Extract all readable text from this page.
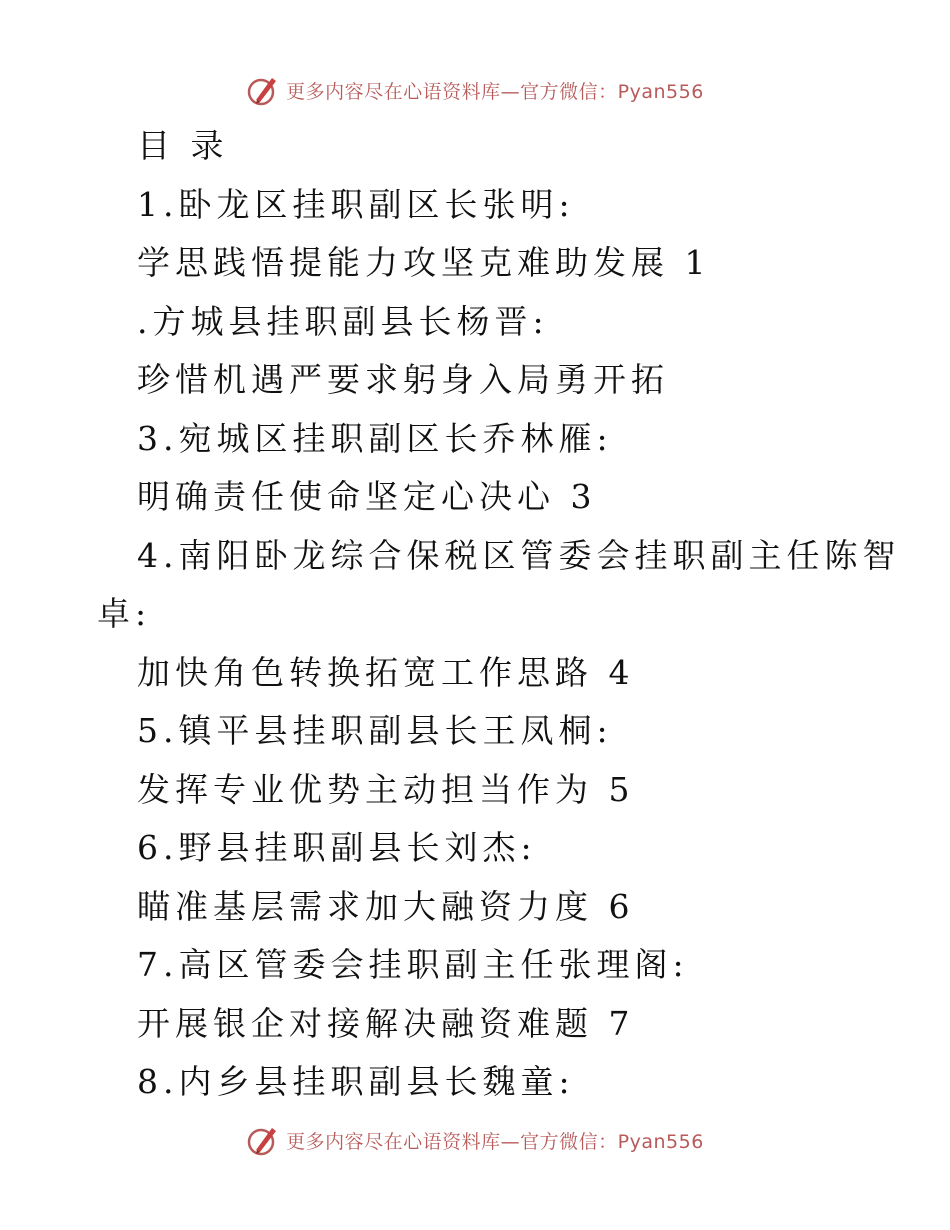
更多内容尽在心语资料库—官方微信：Pyan556
目 录
1.卧龙区挂职副区长张明:
学思践悟提能力攻坚克难助发展 1
.方城县挂职副县长杨晋:
珍惜机遇严要求躬身入局勇开拓
3.宛城区挂职副区长乔林雁:
明确责任使命坚定心决心 3
4.南阳卧龙综合保税区管委会挂职副主任陈智
卓:
加快角色转换拓宽工作思路 4
5.镇平县挂职副县长王凤桐:
发挥专业优势主动担当作为 5
6.野县挂职副县长刘杰:
瞄准基层需求加大融资力度 6
7.高区管委会挂职副主任张理阁:
开展银企对接解决融资难题 7
8.内乡县挂职副县长魏童:
更多内容尽在心语资料库—官方微信：Pyan556
